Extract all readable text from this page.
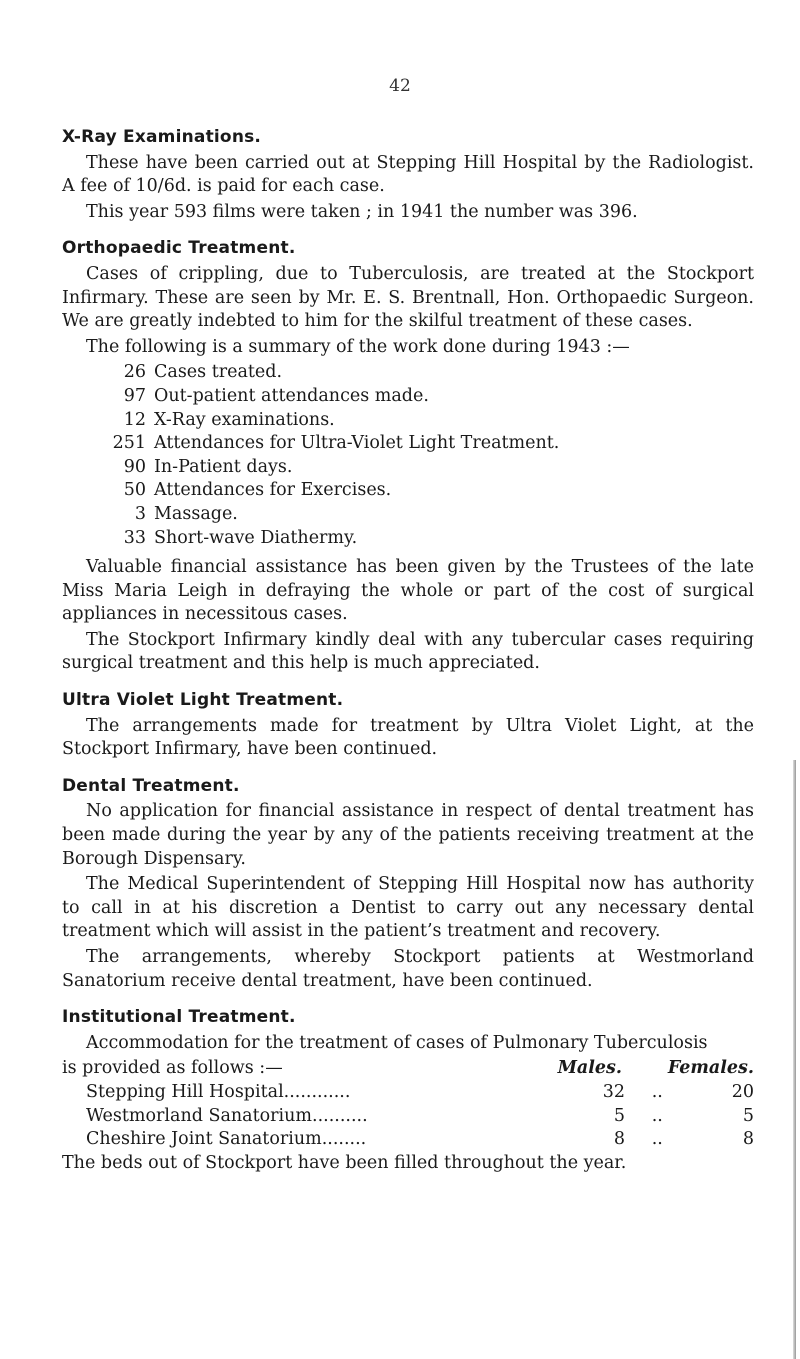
42
X-Ray Examinations.

These have been carried out at Stepping Hill Hospital by the Radiologist. A fee of 10/6d. is paid for each case.

This year 593 films were taken ; in 1941 the number was 396.

Orthopaedic Treatment.

Cases of crippling, due to Tuberculosis, are treated at the Stockport Infirmary. These are seen by Mr. E. S. Brentnall, Hon. Orthopaedic Surgeon. We are greatly indebted to him for the skilful treatment of these cases.

The following is a summary of the work done during 1943 :—

26 Cases treated.
97 Out-patient attendances made.
12 X-Ray examinations.
251 Attendances for Ultra-Violet Light Treatment.
90 In-Patient days.
50 Attendances for Exercises.
3 Massage.
33 Short-wave Diathermy.

Valuable financial assistance has been given by the Trustees of the late Miss Maria Leigh in defraying the whole or part of the cost of surgical appliances in necessitous cases.

The Stockport Infirmary kindly deal with any tubercular cases requiring surgical treatment and this help is much appreciated.

Ultra Violet Light Treatment.

The arrangements made for treatment by Ultra Violet Light, at the Stockport Infirmary, have been continued.

Dental Treatment.

No application for financial assistance in respect of dental treatment has been made during the year by any of the patients receiving treatment at the Borough Dispensary.

The Medical Superintendent of Stepping Hill Hospital now has authority to call in at his discretion a Dentist to carry out any necessary dental treatment which will assist in the patient’s treatment and recovery.

The arrangements, whereby Stockport patients at Westmorland Sanatorium receive dental treatment, have been continued.

Institutional Treatment.

Accommodation for the treatment of cases of Pulmonary Tuberculosis

is provided as follows :—	Males.	Females.
Stepping Hill Hospital............	32	..	20
Westmorland Sanatorium..........	5	..	5
Cheshire Joint Sanatorium........	8	..	8

The beds out of Stockport have been filled throughout the year.
